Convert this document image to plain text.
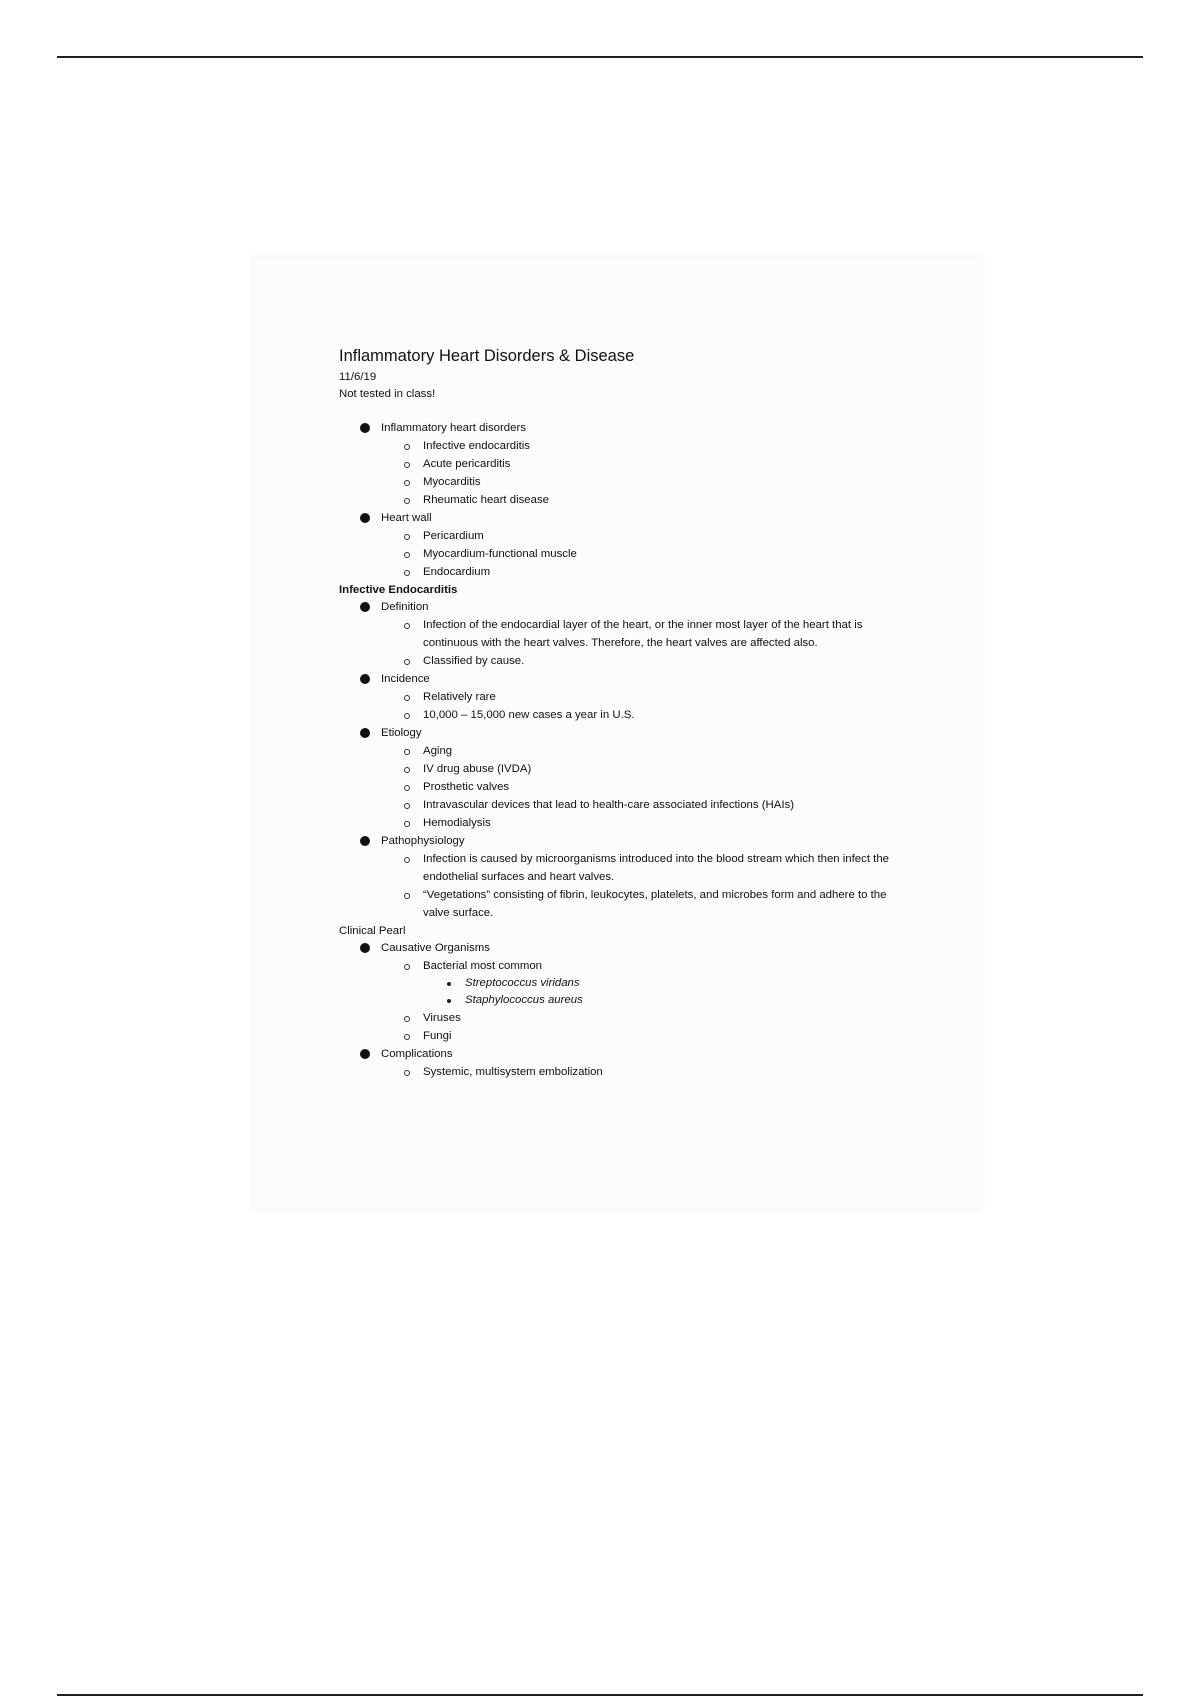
Inflammatory Heart Disorders & Disease
11/6/19
Not tested in class!
Inflammatory heart disorders
Infective endocarditis
Acute pericarditis
Myocarditis
Rheumatic heart disease
Heart wall
Pericardium
Myocardium-functional muscle
Endocardium
Infective Endocarditis
Definition
Infection of the endocardial layer of the heart, or the inner most layer of the heart that is continuous with the heart valves. Therefore, the heart valves are affected also.
Classified by cause.
Incidence
Relatively rare
10,000 – 15,000 new cases a year in U.S.
Etiology
Aging
IV drug abuse (IVDA)
Prosthetic valves
Intravascular devices that lead to health-care associated infections (HAIs)
Hemodialysis
Pathophysiology
Infection is caused by microorganisms introduced into the blood stream which then infect the endothelial surfaces and heart valves.
“Vegetations” consisting of fibrin, leukocytes, platelets, and microbes form and adhere to the valve surface.
Clinical Pearl
Causative Organisms
Bacterial most common
Streptococcus viridans
Staphylococcus aureus
Viruses
Fungi
Complications
Systemic, multisystem embolization
